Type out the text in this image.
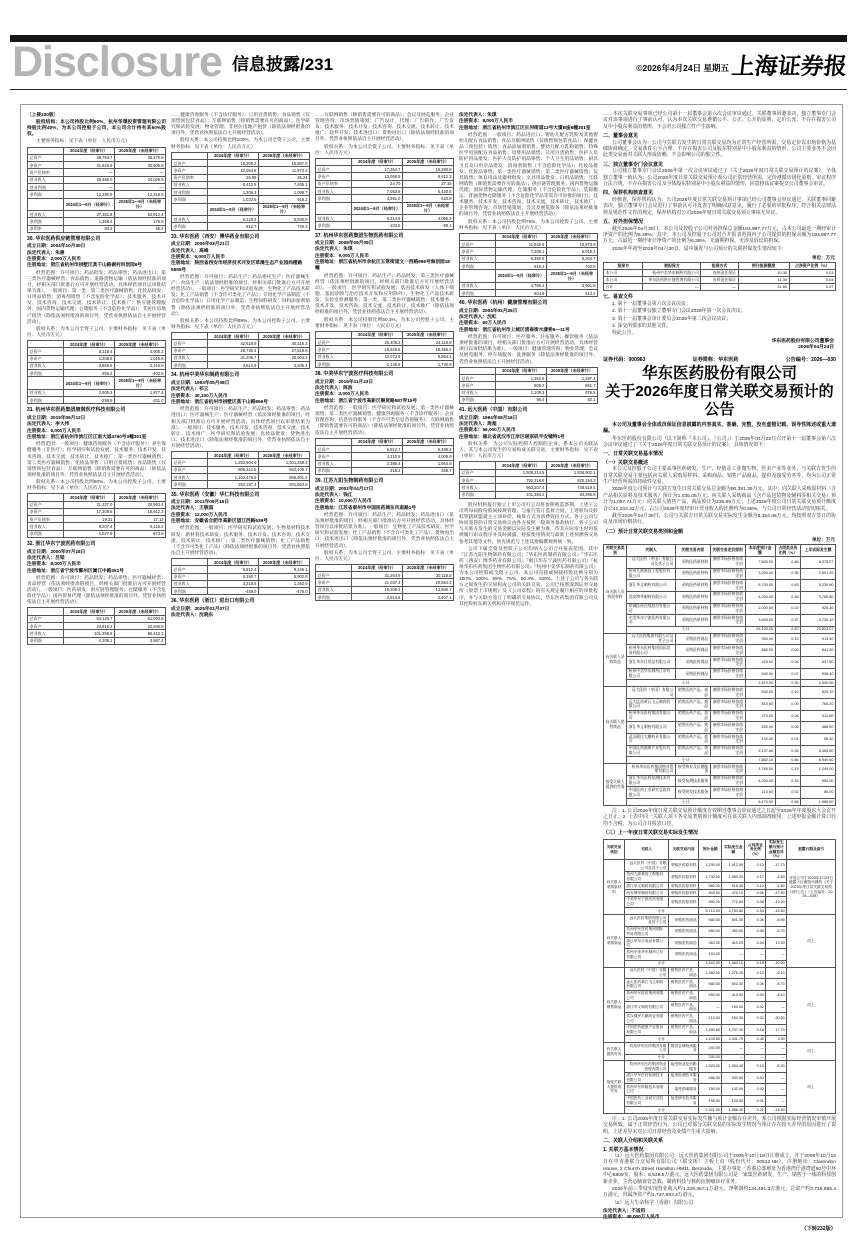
Disclosure 信息披露/231	©2026年4月24日 星期五 上海证券报
〔上接230版〕
股权结构：本公司持股比例60%，杭州华璟投资管理有限公司持股比例40%，为本公司控股子公司，本公司合计持有其60%股权。
主要财务指标：见下表（单位：人民币万元）
	2024年度（经审计）	2025年度（未经审计）
总资产	38,754.7	36,470.6
净资产	31,820.9	30,905.8
资产负债率	—	—
营业收入	35,480.0	34,028.9
营业利润	—	—
净利润	12,380.9	12,319.6
	2024年1—9月（经审计）	2025年1—9月（未经审计）
营业收入	37,351.8	52,912.4
净利润	1,358.4	176.9
净利率	84.3	95.2
30. 华东医药供应链管理有限公司
成立日期：2004年10月30日
法定代表人：朱鼎
注册资本：2,000万人民币
注册地址：浙江省杭州市拱墅区莫干山路谢村科创园6号
经营范围：许可项目：药品批发；药品零售；药品进出口；第三类医疗器械经营；食品销售；道路货物运输（依法须经批准的项目，经相关部门批准后方可开展经营活动，具体经营项目以审批结果为准）。一般项目：第一类、第二类医疗器械销售；化妆品批发；日用品销售；消毒剂销售（不含危险化学品）；技术服务、技术开发、技术咨询、技术交流、技术转让、技术推广；供应链管理服务；国内货物运输代理；仓储服务（不含危险化学品）；非居住房地产租赁（除依法须经批准的项目外，凭营业执照依法自主开展经营活动）。
股权关系：为本公司全资子公司。主要财务指标：见下表（单位：人民币万元）
	2024年度（经审计）	2025年度（未经审计）
总资产	5,318.4	4,905.2
净资产	1,208.8	1,015.6
营业收入	3,860.5	2,410.9
净利润	-356.2	-402.5
	2024年1—9月（经审计）	2025年1—9月（未经审计）
营业收入	2,905.3	1,877.4
净利润	-298.6	-311.0
31. 杭州华东医药集团康润医疗科技有限公司
成立日期：2015年06月12日
法定代表人：李大伟
注册资本：5,000万人民币
注册地址：浙江省杭州市滨江区江南大道4760号3幢301室
经营范围：一般项目：健康咨询服务（不含诊疗服务）；养生保健服务（非医疗）；医学研究和试验发展；技术服务、技术开发、技术咨询、技术交流、技术转让、技术推广；第一类医疗器械销售；第二类医疗器械销售；化妆品零售；日用百货销售；食品销售（仅销售预包装食品）；互联网销售（除销售需要许可的商品）（除依法须经批准的项目外，凭营业执照依法自主开展经营活动）。
股权关系：本公司持股比例60%，为本公司控股子公司。主要财务指标：见下表（单位：人民币万元）
	2024年度（经审计）	2025年度（未经审计）
总资产	21,327.0	20,563.4
净资产	17,208.5	16,912.3
资产负债率	19.31	17.13
营业收入	9,207.4	6,115.2
净利润	1,027.9	873.6
32. 浙江华东宁波医药有限公司
成立日期：2000年07月18日
法定代表人：吕梁
注册资本：8,000万人民币
注册地址：浙江省宁波市鄞州区嵩江中路351号
经营范围：许可项目：药品批发；药品零售；医疗器械经营；食品经营（依法须经批准的项目，经相关部门批准后方可开展经营活动）。一般项目：医药研发；供应链管理服务；仓储服务（不含危险化学品）；国内贸易代理（除依法须经批准的项目外，凭营业执照依法自主开展经营活动）。
	2024年度（经审计）	2025年度（未经审计）
总资产	64,120.7	61,093.5
净资产	23,815.2	22,946.8
营业收入	101,358.6	96,412.3
净利润	4,205.1	3,987.4
……健康咨询服务（不含诊疗服务）；日用百货销售；食品销售（仅销售预包装食品）；互联网销售（除销售需要许可的商品）；医学研究和试验发展；物业管理；非居住房地产租赁（除依法须经批准的项目外，凭营业执照依法自主开展经营活动）。
股权关系：本公司持股比例100%，为本公司全资子公司。主要财务指标：见下表（单位：人民币万元）
	2024年度（经审计）	2025年度（未经审计）
总资产	16,309.2	15,887.5
净资产	12,054.8	11,873.2
资产负债率	26.09	25.24
营业收入	8,412.6	7,935.1
营业利润	1,206.3	1,088.7
净利润	1,023.5	918.2
	2024年1—9月（经审计）	2025年1—9月（未经审计）
营业收入	6,120.4	5,840.9
净利润	812.7	740.3
33. 华东医药（西安）博华药业有限公司
成立日期：2006年03月21日
法定代表人：高峰
注册资本：6,000万人民币
注册地址：陕西省西安市经济技术开发区草滩生态产业园尚稷路5555号
经营范围：许可项目：药品生产；药品委托生产；医疗器械生产；食品生产（依法须经批准的项目，经相关部门批准后方可开展经营活动）。一般项目：医学研究和试验发展；生物化工产品技术研发；化工产品销售（不含许可类化工产品）；专用化学产品制造（不含危险化学品）；日用化学产品制造；生物饲料研发；饲料添加剂销售（除依法须经批准的项目外，凭营业执照依法自主开展经营活动）。
股权关系：本公司持股比例69%，为本公司控股子公司。主要财务指标：见下表（单位：人民币万元）
	2024年度（经审计）	2025年度（未经审计）
总资产	42,519.8	40,215.3
净资产	28,730.4	27,519.6
营业收入	31,205.7	28,904.2
净利润	3,812.9	3,205.4
34. 杭州中美华东制药有限公司
成立日期：1993年05月08日
法定代表人：祁云
注册资本：40,100万人民币
注册地址：浙江省杭州市拱墅区莫干山路866号
经营范围：许可项目：药品生产；药品批发；药品零售；药品进出口；医疗器械生产；医疗器械经营（依法须经批准的项目，经相关部门批准后方可开展经营活动，具体经营项目以审批结果为准）。一般项目：技术服务、技术开发、技术咨询、技术交流、技术转让、技术推广；医学研究和试验发展；化妆品批发；货物进出口；技术进出口（除依法须经批准的项目外，凭营业执照依法自主开展经营活动）。
	2024年度（经审计）	2025年度（未经审计）
总资产	1,253,904.6	1,301,258.3
净资产	806,312.5	842,109.7
营业收入	1,102,476.9	865,301.2
净利润	253,187.4	201,563.8
35. 华东医药（安徽）华仁科技有限公司
成立日期：2011年09月15日
法定代表人：王敬国
注册资本：12,000万人民币
注册地址：安徽省合肥市高新区望江西路539号
经营范围：一般项目：医学研究和试验发展；生物基材料技术研发；新材料技术研发；技术服务、技术开发、技术咨询、技术交流、技术转让、技术推广；第二类医疗器械销售；化工产品销售（不含许可类化工产品）（除依法须经批准的项目外，凭营业执照依法自主开展经营活动）。
	2024年度（经审计）	2025年度（未经审计）
总资产	9,812.4	9,246.1
净资产	6,150.7	5,902.8
营业收入	4,218.5	1,392.6
净利润	-459.0	-478.0
36. 华东医药（浙江）进出口有限公司
成立日期：2025年01月07日
法定代表人：沈晓东
……互联网销售（除销售需要许可的商品）；会议及展览服务；企业管理咨询；市场营销策划；广告设计、代理；广告制作；广告发布；技术服务、技术开发、技术咨询、技术交流、技术转让、技术推广；软件开发；技术进出口；货物进出口（除依法须经批准的项目外，凭营业执照依法自主开展经营活动）。
股权关系：为本公司全资子公司。主要财务指标：见下表（单位：人民币万元）
	2024年度（经审计）	2025年度（未经审计）
总资产	17,354.7	15,290.8
净资产	13,068.5	9,612.3
资产负债率	24.70	37.15
营业收入	7,053.9	5,420.6
净利润	4,381.0	620.9
	2024年1—9月（经审计）	2025年1—9月（未经审计）
营业收入	5,214.8	4,096.3
净利润	-103.5	-98.1
37. 杭州华东医药集团生物医药有限公司
成立日期：2008年09月09日
法定代表人：朱琪
注册资本：9,000万人民币
注册地址：浙江省杭州市余杭区五常街道文一西路998号海创园18幢
经营范围：许可项目：药品生产；药品批发；第三类医疗器械经营（依法须经批准的项目，经相关部门批准后方可开展经营活动）。一般项目：医学研究和试验发展；基因技术研发（人体干细胞、基因诊断与治疗技术开发和应用除外）；生物化工产品技术研发；实验室检测服务；第一类、第二类医疗器械销售；技术服务、技术开发、技术咨询、技术交流、技术转让、技术推广（除依法须经批准的项目外，凭营业执照依法自主开展经营活动）。
股权关系：本公司持股比例50.3%，为本公司控股子公司。主要财务指标：见下表（单位：人民币万元）
	2024年度（经审计）	2025年度（未经审计）
总资产	25,406.3	24,118.9
净资产	18,920.5	18,355.2
营业收入	12,073.8	9,864.1
净利润	2,145.6	1,730.9
38. 中美华东宁波医疗科技有限公司
成立日期：2016年11月23日
法定代表人：陈波
注册资本：3,000万人民币
注册地址：浙江省宁波市高新区聚贤路587弄15号
经营范围：一般项目：医学研究和试验发展；第一类医疗器械销售；第二类医疗器械销售；健康咨询服务（不含诊疗服务）；企业管理咨询；信息咨询服务（不含许可类信息咨询服务）；互联网销售（除销售需要许可的商品）（除依法须经批准的项目外，凭营业执照依法自主开展经营活动）。
	2024年度（经审计）	2025年度（未经审计）
总资产	6,912.7	6,485.3
净资产	4,210.6	4,005.9
营业收入	2,386.4	1,954.8
净利润	315.2	268.7
39. 江苏九阳生物制药有限公司
成立日期：2002年04月17日
法定代表人：钱江
注册资本：10,000万人民币
注册地址：江苏省泰州市中国医药城东风南路1号
经营范围：许可项目：药品生产；药品批发；药品进出口（依法须经批准的项目，经相关部门批准后方可开展经营活动，具体经营项目以审批结果为准）。一般项目：生物化工产品技术研发；医学研究和试验发展；化工产品销售（不含许可类化工产品）；货物进出口；技术进出口（除依法须经批准的项目外，凭营业执照依法自主开展经营活动）。
股权关系：为本公司全资子公司。主要财务指标：见下表（单位：人民币万元）
	2024年度（经审计）	2025年度（未经审计）
总资产	31,264.9	30,118.5
净资产	21,037.4	20,564.2
营业收入	15,208.3	12,940.7
净利润	2,913.6	2,407.1
法定代表人：朱琪
注册资本：8,000万人民币
注册地址：浙江省杭州市滨江区长河街道13号大厦B座6幢301室
经营范围：一般项目：药品进出口；婴幼儿配方乳粉及其他婴幼儿配方食品销售；食品互联网销售（仅销售预包装食品）；保健食品（预包装）销售；食品添加剂销售；婴幼儿配方乳粉销售；特殊医学用途配方食品销售；母婴用品销售；日用百货销售；医护人员防护用品批发；医护人员防护用品零售；个人卫生用品销售；厨具卫具及日用杂品批发；消毒剂销售（不含危险化学品）；化妆品批发；化妆品零售；第一类医疗器械销售；第二类医疗器械销售；玩具销售；体育用品及器材批发；文具用品批发；日用品销售；互联网销售（除销售需要许可的商品）；供应链管理服务；国内货物运输代理；国际货物运输代理；仓储服务（不含危险化学品）；装卸搬运；普通货物仓储服务（不含危险化学品等需许可审批的项目）；技术服务、技术开发、技术咨询、技术交流、技术转让、技术推广；企业管理咨询；市场营销策划；会议及展览服务（除依法须经批准的项目外，凭营业执照依法自主开展经营活动）。
股权关系：本公司持股比例75%，为本公司控股子公司。主要财务指标：见下表（单位：人民币万元）
	2024年度（经审计）	2025年度（未经审计）
总资产	11,542.6	10,873.9
净资产	7,208.1	6,915.4
营业收入	6,350.8	5,204.7
净利润	816.3	702.5
	2024年1—9月（经审计）	2025年1—9月（未经审计）
营业收入	4,780.2	3,961.8
净利润	604.9	513.2
40. 华东医药（杭州）健康管理有限公司
成立日期：2004年02月26日
法定代表人：沈虹
注册资本：60万人民币
注册地址：浙江省杭州市上城区清泰街水漾桥6—11号
经营范围：许可项目：医疗服务；住宿服务；餐饮服务（依法须经批准的项目，经相关部门批准后方可开展经营活动，具体经营项目以审批结果为准）。一般项目：健康管理咨询；物业管理；会议及展览服务；停车场服务；洗涤服务（除依法须经批准的项目外，凭营业执照依法自主开展经营活动）。
	2024年度（经审计）	2025年度（未经审计）
总资产	1,351.6	1,287.4
净资产	905.2	861.7
营业收入	1,108.3	976.5
净利润	96.4	82.1
41. 远大医药（中国）有限公司
成立日期：1994年08月16日
法定代表人：周超
注册资本：56,000万人民币
注册地址：湖北省武汉市江岸区谌家矶平安铺特1号
股权关系：为公司实际控制人控制的企业，系本公司关联法人。其与本公司发生的交易构成关联交易。主要财务指标：见下表（单位：人民币万元）
	2024年度（经审计）	2025年度（未经审计）
总资产	1,508,214.5	1,536,902.1
净资产	792,316.8	820,154.3
营业收入	963,207.4	748,519.6
净利润	101,384.2	84,296.5
股份机构报行独立上市公司打公司将参照被监察期，上述子公司将每届股份股间按规管理，与报行签订监督合同，上述股份及股权管辖联盟就主立项补偿，核算方式为清费管拉方式。各子公司与协同签管的日常交易协议由各方按照一般商务条款执行，各子公司与关联方发生的交易金额以实际发生额为准，待其实际发生时再依规履行审议程序并及时披露，将按使用情况与最新上述预测各交易参考其他等文件，预先规范与上述其他编撰规则统一致。
公司下属全资及控股子公司均纳入公司合并报表范围。其中『江苏九阳生物制药有限公司』『华东医药制药有限公司』『华东医药（西安）博华药业有限公司』『浙江华东宁波医药有限公司』『杭州华东医药集团生物医药有限公司』『杭州中美华东制药有限公司』为本公司控股或全资子公司，本公司直接或间接持股比例分别为100%、100%、69%、75%、50.3%、100%。上述子公司与各关联方之间发生的交易构成公司的关联交易，公司已按照深圳证券交易所《股票上市规则》及《公司章程》的有关规定履行相应的审批程序，并与关联方签订了明确的交易协议，华东医药集团有限公司及其控股股东相关机构有序规范运作。
……本次关联交易事项已经公司第十一届董事会第六次会议审议通过，关联董事回避表决，独立董事专门会议对该事项进行了事前认可，认为本次关联交易遵循公平、公正、公开的原则，定价公允，不存在损害公司及中小股东利益的情形，不会对公司独立性产生影响。
二、董事会意见
公司董事会认为：公司与关联方发生的日常关联交易均为正常生产经营所需，交易定价以市场价格为基础协商确定，交易条件公平合理，不存在损害公司及股东特别是中小股东利益的情形，公司主要业务不会因此类交易而对关联人形成依赖，不会影响公司的独立性。
三、独立董事专门会议意见
公司独立董事专门会议2026年第一次会议审议通过了《关于2026年度日常关联交易预计的议案》，全体独立董事一致认为：公司2026年度日常关联交易预计系公司正常经营所需，定价遵循市场化原则，审议程序合法合规，不存在损害公司及全体股东特别是中小股东利益的情形，同意将该议案提交公司董事会审议。
四、保荐机构核查意见
经核查，保荐机构认为：公司2026年度日常关联交易预计事项已经公司董事会审议通过，关联董事回避表决，独立董事专门会议进行了事前认可并发表了明确同意意见，履行了必要的审批程序，符合相关法律法规及规范性文件的规定，保荐机构对公司2026年度日常关联交易预计事项无异议。
五、对外担保情况
截至2026年04月30日，本公司及控股子公司对外担保总金额193,987.77万元，占本公司最近一期经审计净资产的比例为6.38%；其中，本公司及控股子公司对合并报表范围内子公司提供的担保余额为193,987.77万元，占最近一期经审计净资产的比例为6.38%，无逾期担保，无涉及诉讼的担保。
2026年年初至2026年04月30日，届中颁发与公司预计的关联担保发生情况如下：
单位：万元
担保方	被担保方	担保方式	预计担保额度	占净资产比例（%）
本公司	杭州中美华东制药有限公司	连带责任保证	10.30	0.03
本公司	华东医药供应链管理有限公司	连带责任保证	11.30	0.04
合计	—	—	21.60	0.07
七、备查文件
1. 第十一届董事会第六次会议决议；
2. 第十一届董事会独立董事专门会议2026年第一次会议决议；
3. 第十一届董事会审计委员会2026年第二次会议决议；
4. 深交所要求的其他文件。
特此公告。
华东医药股份有限公司董事会
2026年04月24日
证券代码：000963	证券简称：华东医药	公告编号：2026—030
华东医药股份有限公司
关于2026年度日常关联交易预计的公告
本公司及董事会全体成员保证信息披露的内容真实、准确、完整，没有虚假记载、误导性陈述或重大遗漏。
华东医药股份有限公司（以下简称『本公司』、『公司』）于2026年04月22日召开第十一届董事会第六次会议审议通过了《关于2026年度日常关联交易预计的议案》，具体情况如下：
一、日常关联交易基本情况
（一）关联交易概述
本公司及控股子公司主要从事医药研发、生产、经销及工业微生物、医美产业等业务，与关联方发生的日常关联交易主要包括向关联人采购原材料、采购商品、销售产品商品、提供及接受劳务等，均为公司正常生产经营所需的持续性交易。
2026年度公司预计与关联方发生日常关联交易总金额为90,391.35万元，其中：向关联人采购原材料（含产品相关原料及技术服务）预计为1,035.05万元；向关联人采购商品（含产品包装物及辅料等相关交易）预计为1,057.71万元；向关联人销售产品、商品预计为235.95万元；上述2026年度公司日常关联交易预计额度合计41,233.32万元，占公司2025年度经审计营业收入的比例约为0.98%，与公司日常经营活动密切相关。
截至2026年04月30日，公司与关联方日常关联交易实际发生金额为8,354.06万元，均按照双方签订的协议及市场价格执行。
（二）预计日常关联交易类别和金额
单位：万元
关联交易类别	关联人	关联交易内容	关联交易定价原则	本年度预计金额	占同类业务比例（%）	上年实际发生额
向关联人采购原材料	远大医药（中国）有限公司及其子公司	采购医药原材料	参照市场价格协商定价	7,600.00	0.84	6,375.07
	杭州九源基因工程股份有限公司	采购医药原材料	参照市场价格协商定价	3,200.00	0.35	2,801.20
	浙江华义制药有限公司	采购医药原材料	参照市场价格协商定价	5,700.00	0.63	5,230.60
	西安博华制药有限公司	采购医药原材料	参照市场价格协商定价	4,200.00	0.46	3,760.80
	珍诚医药在线股份有限公司	采购医药原材料	参照市场价格协商定价	2,000.00	0.22	925.30
	中美华东宁波医药有限公司	采购医药原材料	参照市场价格协商定价	3,400.00	0.37	4,730.10
	小计			26,100.00	2.87	23,823.07
向关联人采购商品	远大医药集团有限公司及其子公司	采购医药商品	参照市场价格协商定价	950.00	0.10	913.40
	杭州华东医药集团国际贸易有限公司	采购医药商品	参照市场价格协商定价	860.00	0.09	841.20
	浙江华东日用品有限公司	采购医药商品	参照市场价格协商定价	420.00	0.04	637.50
	杭州中美华东制药江东有限公司	采购医药商品	参照市场价格协商定价	640.00	0.07	528.40
	小计			2,870.00	0.30	2,920.50
向关联人销售商品	远大医药（中国）有限公司	销售医药产品、商品	参照市场价格协商定价	942.00	0.10	829.70
	远大医药黄石飞云制药有限公司	销售医药产品、商品	参照市场价格协商定价	810.50	0.09	764.20
	杭州华东医药集团有限公司	销售医药产品、商品	参照市场价格协商定价	370.00	0.04	312.60
	浙江华义制药有限公司	销售医药产品、商品	参照市场价格协商定价	520.00	0.06	486.90
	武汉健民大鹏药业有限公司	销售医药产品、商品	参照市场价格协商定价	132.00	0.01	96.40
	中国医药健康产业股份有限公司	销售医药产品、商品	参照市场价格协商定价	5,107.60	0.54	4,450.80
	小计			7,882.10	0.84	6,940.60
接受关联人提供的劳务	杭州华东医药集团物业管理有限公司	接受物业及后勤服务	参照市场价格协商定价	1,760.00	0.19	1,249.00
	浙江华东医药检测技术有限公司	接受检测技术服务	参照市场价格协商定价	4,200.00	0.45	650.00
	中国医药工业研究总院有限公司	接受研发技术服务	参照市场价格协商定价	210.00	0.02	86.00
	小计			6,170.00	0.66	1,985.00
注：1. 公司2026年度日常关联交易预计额度有效期自董事会审议通过之日起至2026年年度股东大会召开之日止；2. 上表中同一关联人项下各交易类别预计额度可在该关联人内部调剂使用，上述申报金额计算口径均不含税，为公司合并报表口径。
（三）上一年度日常关联交易实际发生情况
关联交易类别	关联人	关联交易内容	预计金额	实际发生金额	占同类业务比例（%）	实际发生额与预计金额差异（%）	披露日期及索引
向关联人采购原材料	远大医药（中国）有限公司及其子公司	采购医药原材料	1,230.00	1,012.50	0.13	-17.70	详见公司于2025年4月29日披露于巨潮资讯网的《关于2025年度日常关联交易预计的公告》（公告编号：2025—028）
	杭州九源基因工程股份有限公司	采购医药原材料	1,730.00	1,583.20	0.17	-8.50	
	浙江华义制药有限公司	采购医药原材料	960.00	915.40	0.10	-4.60	
	西安博华制药有限公司	采购医药原材料	903.00	470.10	0.05	-47.90	
	中美华东宁波医药有限公司	采购医药原材料	890.00	772.60	0.08	-13.20	
	小计		5,713.00	4,753.80	0.53	-16.80	
向关联人采购商品	远大医药集团有限公司及其子公司	采购医药商品	660.00	601.30	0.06	-8.90	同上
	杭州华东医药集团国际贸易有限公司	采购医药商品	480.00	452.60	0.05	-5.70	
	浙江华东日用品有限公司	采购医药商品	363.00	410.20	0.04	13.00	
	杭州中美华东制药江东有限公司	采购医药商品	140.00	—	—	—	
	小计		1,643.00	1,464.10	0.15	-10.90	
向关联人销售商品	远大医药（中国）有限公司	销售医药产品、商品	1,360.00	1,276.20	0.13	-6.10	同上
	远大医药黄石飞云制药有限公司	销售医药产品、商品	660.00	602.40	0.06	-8.70	
	杭州华东医药集团有限公司	销售医药产品、商品	450.00	413.50	0.04	-8.10	
	浙江华义制药有限公司	销售医药产品、商品	—	150.00	0.02	—	
	武汉健民大鹏药业有限公司	销售医药产品、商品	219.00	152.30	0.02	-30.50	
	中国医药健康产业股份有限公司	销售医药产品、商品	1,450.60	1,707.30	0.18	17.70	
	小计		4,139.60	4,301.70	0.45	3.90	
向关联人提供劳务	杭州华东医药集团有限公司	提供仓储物流服务	240.00	—	—	—	同上
	小计		240.00	—	—	—	
接受关联人提供的劳务	杭州华东医药集团物业管理有限公司	接受物业及后勤服务	1,520.00	1,394.40	0.15	-8.30	同上
	浙江华东医药检测技术有限公司	接受检测技术服务	456.00	330.00	0.03	—	
	杭州华东供暖技术有限公司	接受供暖服务	150.00	142.00	0.02	—	
	中国医药工业研究总院有限公司	接受研发技术服务	195.00	120.00	0.01	—	
	小计		2,321.00	1,986.40	0.21	-14.40	
注：1. 公司2025年度日常关联交易实际发生额与预计金额存在差异，系公司根据实际经营情况审慎开展交易所致，属于正常经营行为，公司已对部分关联交易的实际发生情况与预计存在较大差异的原因进行了说明，上述差异未对公司日常经营及业绩产生重大影响。
二、关联人介绍和关联关系
1. 关联方基本情况
（1）远大医药集团有限公司：远大医药集团有限公司于2005年10月18日注册成立，并于2008年10月16日在中香港联合交易所有限公司（联交所）主板上市（股份代号：00512.HK），注册地址：Clarendon House, 2 Church Street Hamilton HM11, Bermuda，主要办事处／香港总部地址为香港湾仔港湾道50号中环中心5808室，股本：8,546.8万港元。远大医药集团有限公司是一家集医药研发、生产、销售于一体的科技创新企业，主营心脑血管急救、制药科技与核药抗肿瘤诊疗业务。
2025年前三季度实现营业收入约1,339,357.1万港元，净利润约134,491.3万港元，总资产约3,715,885.4万港元，归属净资产约1,737,893.3万港元。
（2）远大生命科学（香港）有限公司
法定代表人：不适用
注册资本：48,000万人民币
（下转232版）
